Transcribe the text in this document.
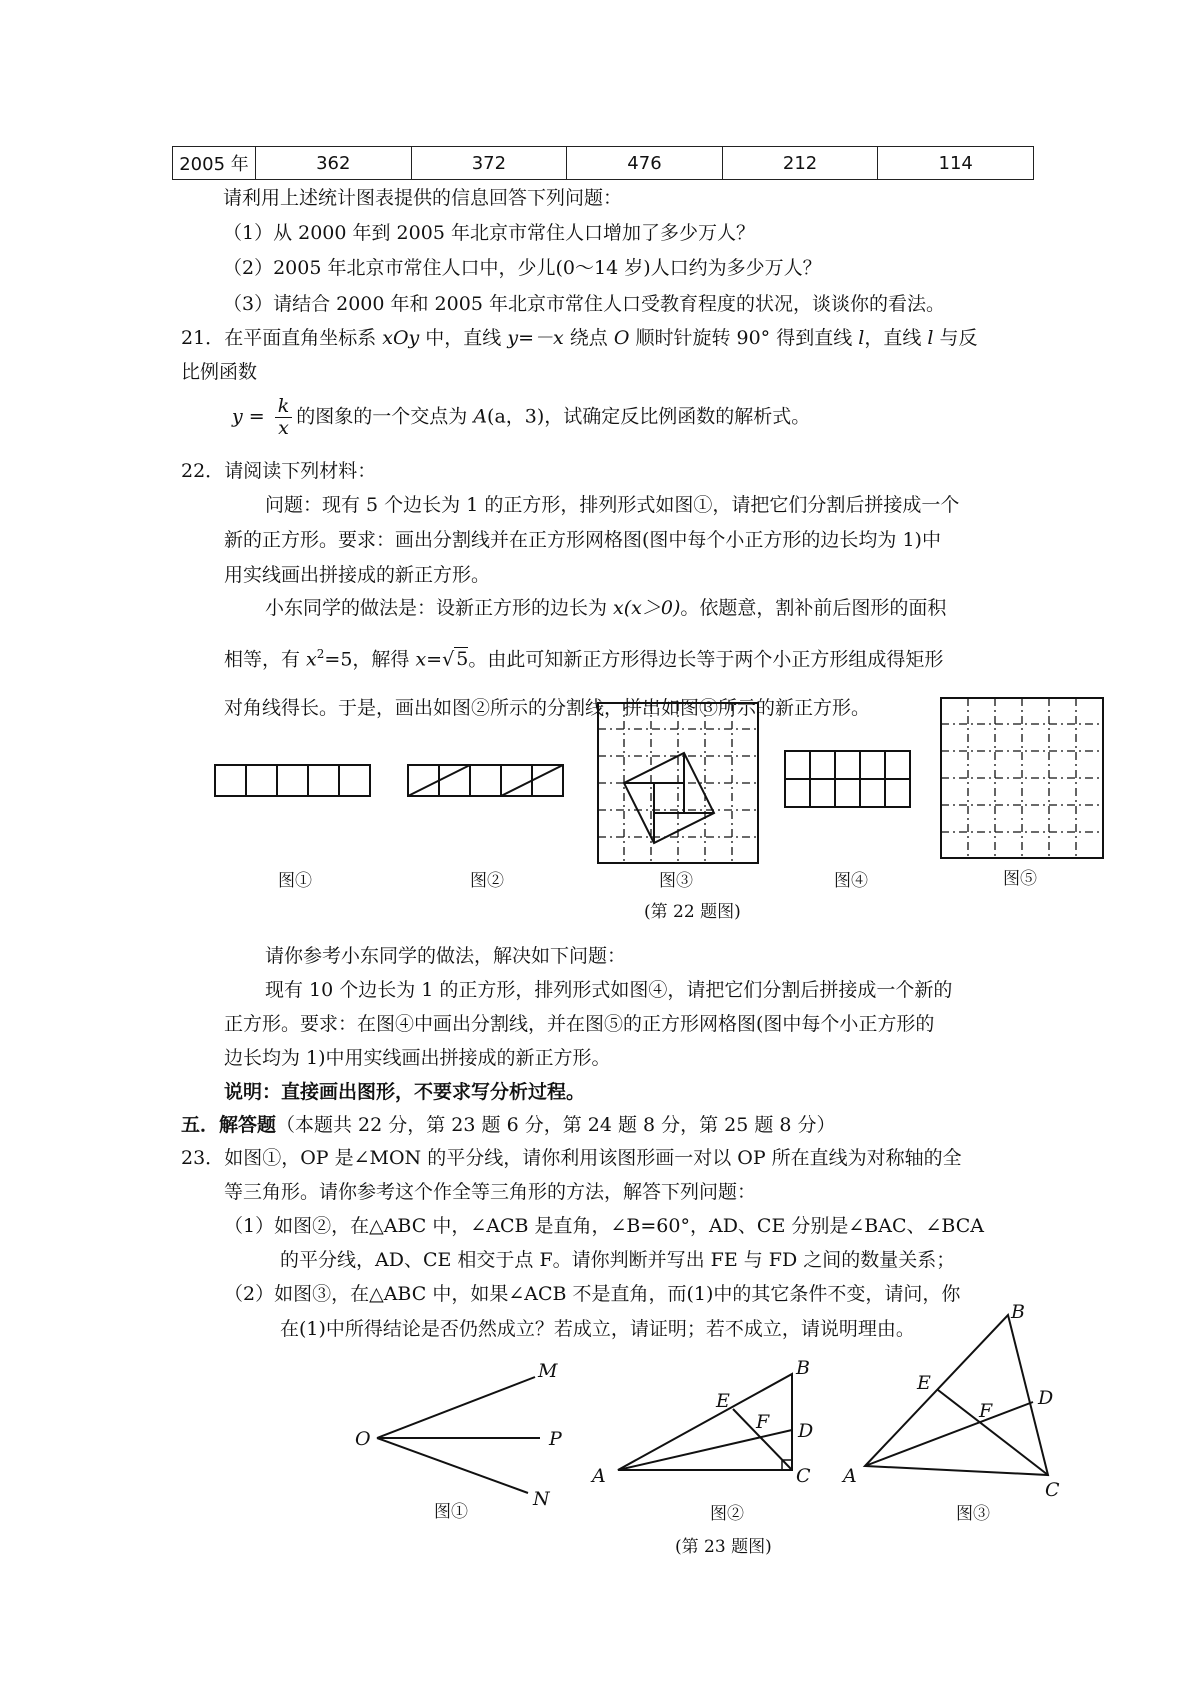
2005 年	362	372	476	212	114
请利用上述统计图表提供的信息回答下列问题：
（1）从 2000 年到 2005 年北京市常住人口增加了多少万人？
（2）2005 年北京市常住人口中，少儿(0～14 岁)人口约为多少万人？
（3）请结合 2000 年和 2005 年北京市常住人口受教育程度的状况，谈谈你的看法。
21．在平面直角坐标系 xOy 中，直线 y=－x 绕点 O 顺时针旋转 90° 得到直线 l，直线 l 与反
比例函数
$y = \frac{k}{x}$ 的图象的一个交点为 A(a，3)，试确定反比例函数的解析式。
22．请阅读下列材料：
问题：现有 5 个边长为 1 的正方形，排列形式如图①，请把它们分割后拼接成一个
新的正方形。要求：画出分割线并在正方形网格图(图中每个小正方形的边长均为 1)中
用实线画出拼接成的新正方形。
小东同学的做法是：设新正方形的边长为 x(x＞0)。依题意，割补前后图形的面积
相等，有 $x^2=5$，解得 x=√ 5。由此可知新正方形得边长等于两个小正方形组成得矩形
对角线得长。于是，画出如图②所示的分割线，拼出如图③所示的新正方形。
图①	图②	图③	图④	图⑤
(第 22 题图)
请你参考小东同学的做法，解决如下问题：
现有 10 个边长为 1 的正方形，排列形式如图④，请把它们分割后拼接成一个新的
正方形。要求：在图④中画出分割线，并在图⑤的正方形网格图(图中每个小正方形的
边长均为 1)中用实线画出拼接成的新正方形。
说明：直接画出图形，不要求写分析过程。
五．解答题（本题共 22 分，第 23 题 6 分，第 24 题 8 分，第 25 题 8 分）
23．如图①，OP 是∠MON 的平分线，请你利用该图形画一对以 OP 所在直线为对称轴的全
等三角形。请你参考这个作全等三角形的方法，解答下列问题：
（1）如图②，在△ABC 中，∠ACB 是直角，∠B=60°，AD、CE 分别是∠BAC、∠BCA
的平分线，AD、CE 相交于点 F。请你判断并写出 FE 与 FD 之间的数量关系；
（2）如图③，在△ABC 中，如果∠ACB 不是直角，而(1)中的其它条件不变，请问，你
在(1)中所得结论是否仍然成立？若成立，请证明；若不成立，请说明理由。
M
O	P
N
B
E
F D
A	C
B
E
F
D
A
C
图①	图②	图③
(第 23 题图)
